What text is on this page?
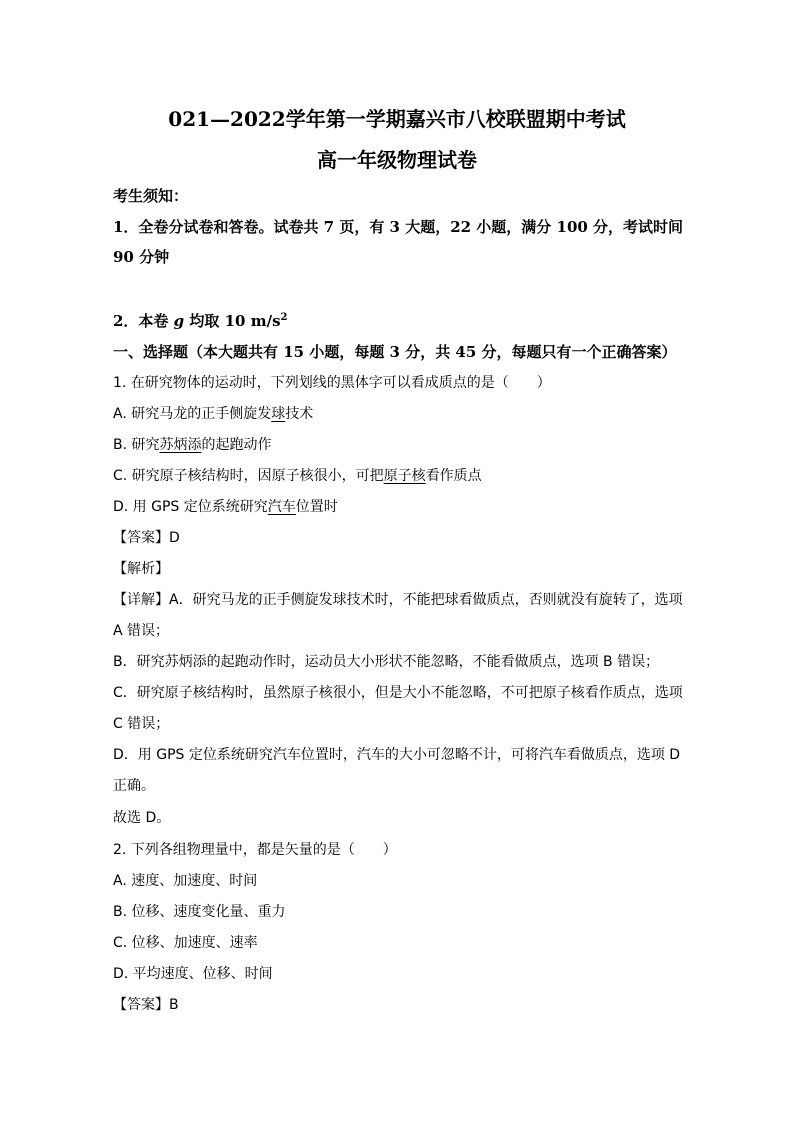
021—2022学年第一学期嘉兴市八校联盟期中考试
高一年级物理试卷
考生须知：
1．全卷分试卷和答卷。试卷共 7 页，有 3 大题，22 小题，满分 100 分，考试时间
90 分钟
2．本卷 g 均取 10 $m/s^2$
一、选择题（本大题共有 15 小题，每题 3 分，共 45 分，每题只有一个正确答案）
1. 在研究物体的运动时，下列划线的黑体字可以看成质点的是（　　）
A. 研究马龙的正手侧旋发球技术
B. 研究苏炳添的起跑动作
C. 研究原子核结构时，因原子核很小，可把原子核看作质点
D. 用 GPS 定位系统研究汽车位置时
【答案】D
【解析】
【详解】A．研究马龙的正手侧旋发球技术时，不能把球看做质点，否则就没有旋转了，选项
A 错误；
B．研究苏炳添的起跑动作时，运动员大小形状不能忽略，不能看做质点，选项 B 错误；
C．研究原子核结构时，虽然原子核很小，但是大小不能忽略，不可把原子核看作质点，选项
C 错误；
D．用 GPS 定位系统研究汽车位置时，汽车的大小可忽略不计，可将汽车看做质点，选项 D
正确。
故选 D。
2. 下列各组物理量中，都是矢量的是（　　）
A. 速度、加速度、时间
B. 位移、速度变化量、重力
C. 位移、加速度、速率
D. 平均速度、位移、时间
【答案】B
